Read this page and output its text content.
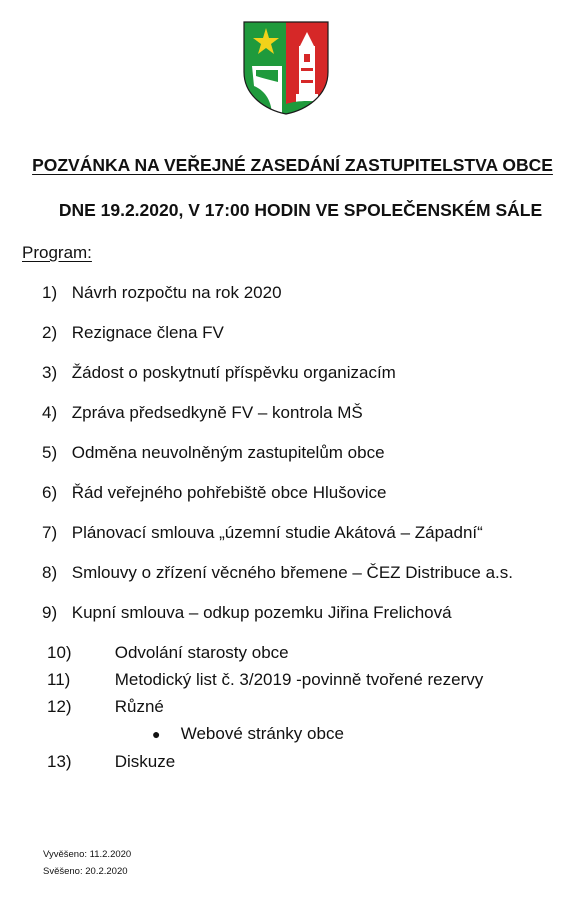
POZVÁNKA NA VEŘEJNÉ ZASEDÁNÍ ZASTUPITELSTVA OBCE
DNE 19.2.2020, V 17:00 HODIN VE SPOLEČENSKÉM SÁLE
Program:
1) Návrh rozpočtu na rok 2020
2) Rezignace člena FV
3) Žádost o poskytnutí příspěvku organizacím
4) Zpráva předsedkyně FV – kontrola MŠ
5) Odměna neuvolněným zastupitelům obce
6) Řád veřejného pohřebiště obce Hlušovice
7) Plánovací smlouva „územní studie Akátová – Západní“
8) Smlouvy o zřízení věcného břemene – ČEZ Distribuce a.s.
9) Kupní smlouva – odkup pozemku Jiřina Frelichová
10)	Odvolání starosty obce
11)	Metodický list č. 3/2019 -povinně tvořené rezervy
12)	Různé
● Webové stránky obce
13)	Diskuze
Vyvěšeno: 11.2.2020
Svěšeno: 20.2.2020
